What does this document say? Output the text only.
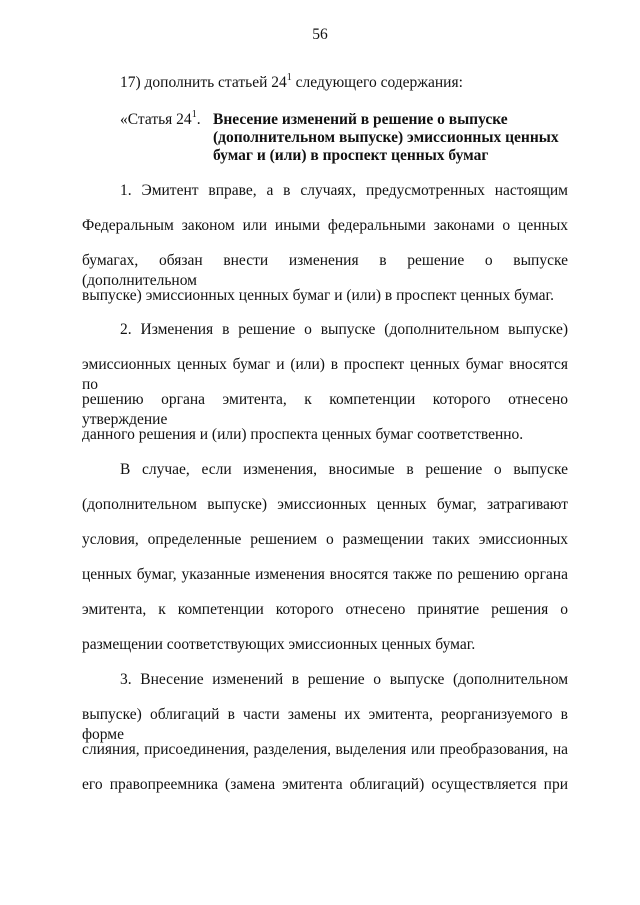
56
17) дополнить статьей $24^1$ следующего содержания:
«Статья $24^1$. Внесение изменений в решение о выпуске
(дополнительном выпуске) эмиссионных ценных
бумаг и (или) в проспект ценных бумаг
1. Эмитент вправе, а в случаях, предусмотренных настоящим
Федеральным законом или иными федеральными законами о ценных
бумагах, обязан внести изменения в решение о выпуске (дополнительном
выпуске) эмиссионных ценных бумаг и (или) в проспект ценных бумаг.
2. Изменения в решение о выпуске (дополнительном выпуске)
эмиссионных ценных бумаг и (или) в проспект ценных бумаг вносятся по
решению органа эмитента, к компетенции которого отнесено утверждение
данного решения и (или) проспекта ценных бумаг соответственно.
В случае, если изменения, вносимые в решение о выпуске
(дополнительном выпуске) эмиссионных ценных бумаг, затрагивают
условия, определенные решением о размещении таких эмиссионных
ценных бумаг, указанные изменения вносятся также по решению органа
эмитента, к компетенции которого отнесено принятие решения о
размещении соответствующих эмиссионных ценных бумаг.
3. Внесение изменений в решение о выпуске (дополнительном
выпуске) облигаций в части замены их эмитента, реорганизуемого в форме
слияния, присоединения, разделения, выделения или преобразования, на
его правопреемника (замена эмитента облигаций) осуществляется при
